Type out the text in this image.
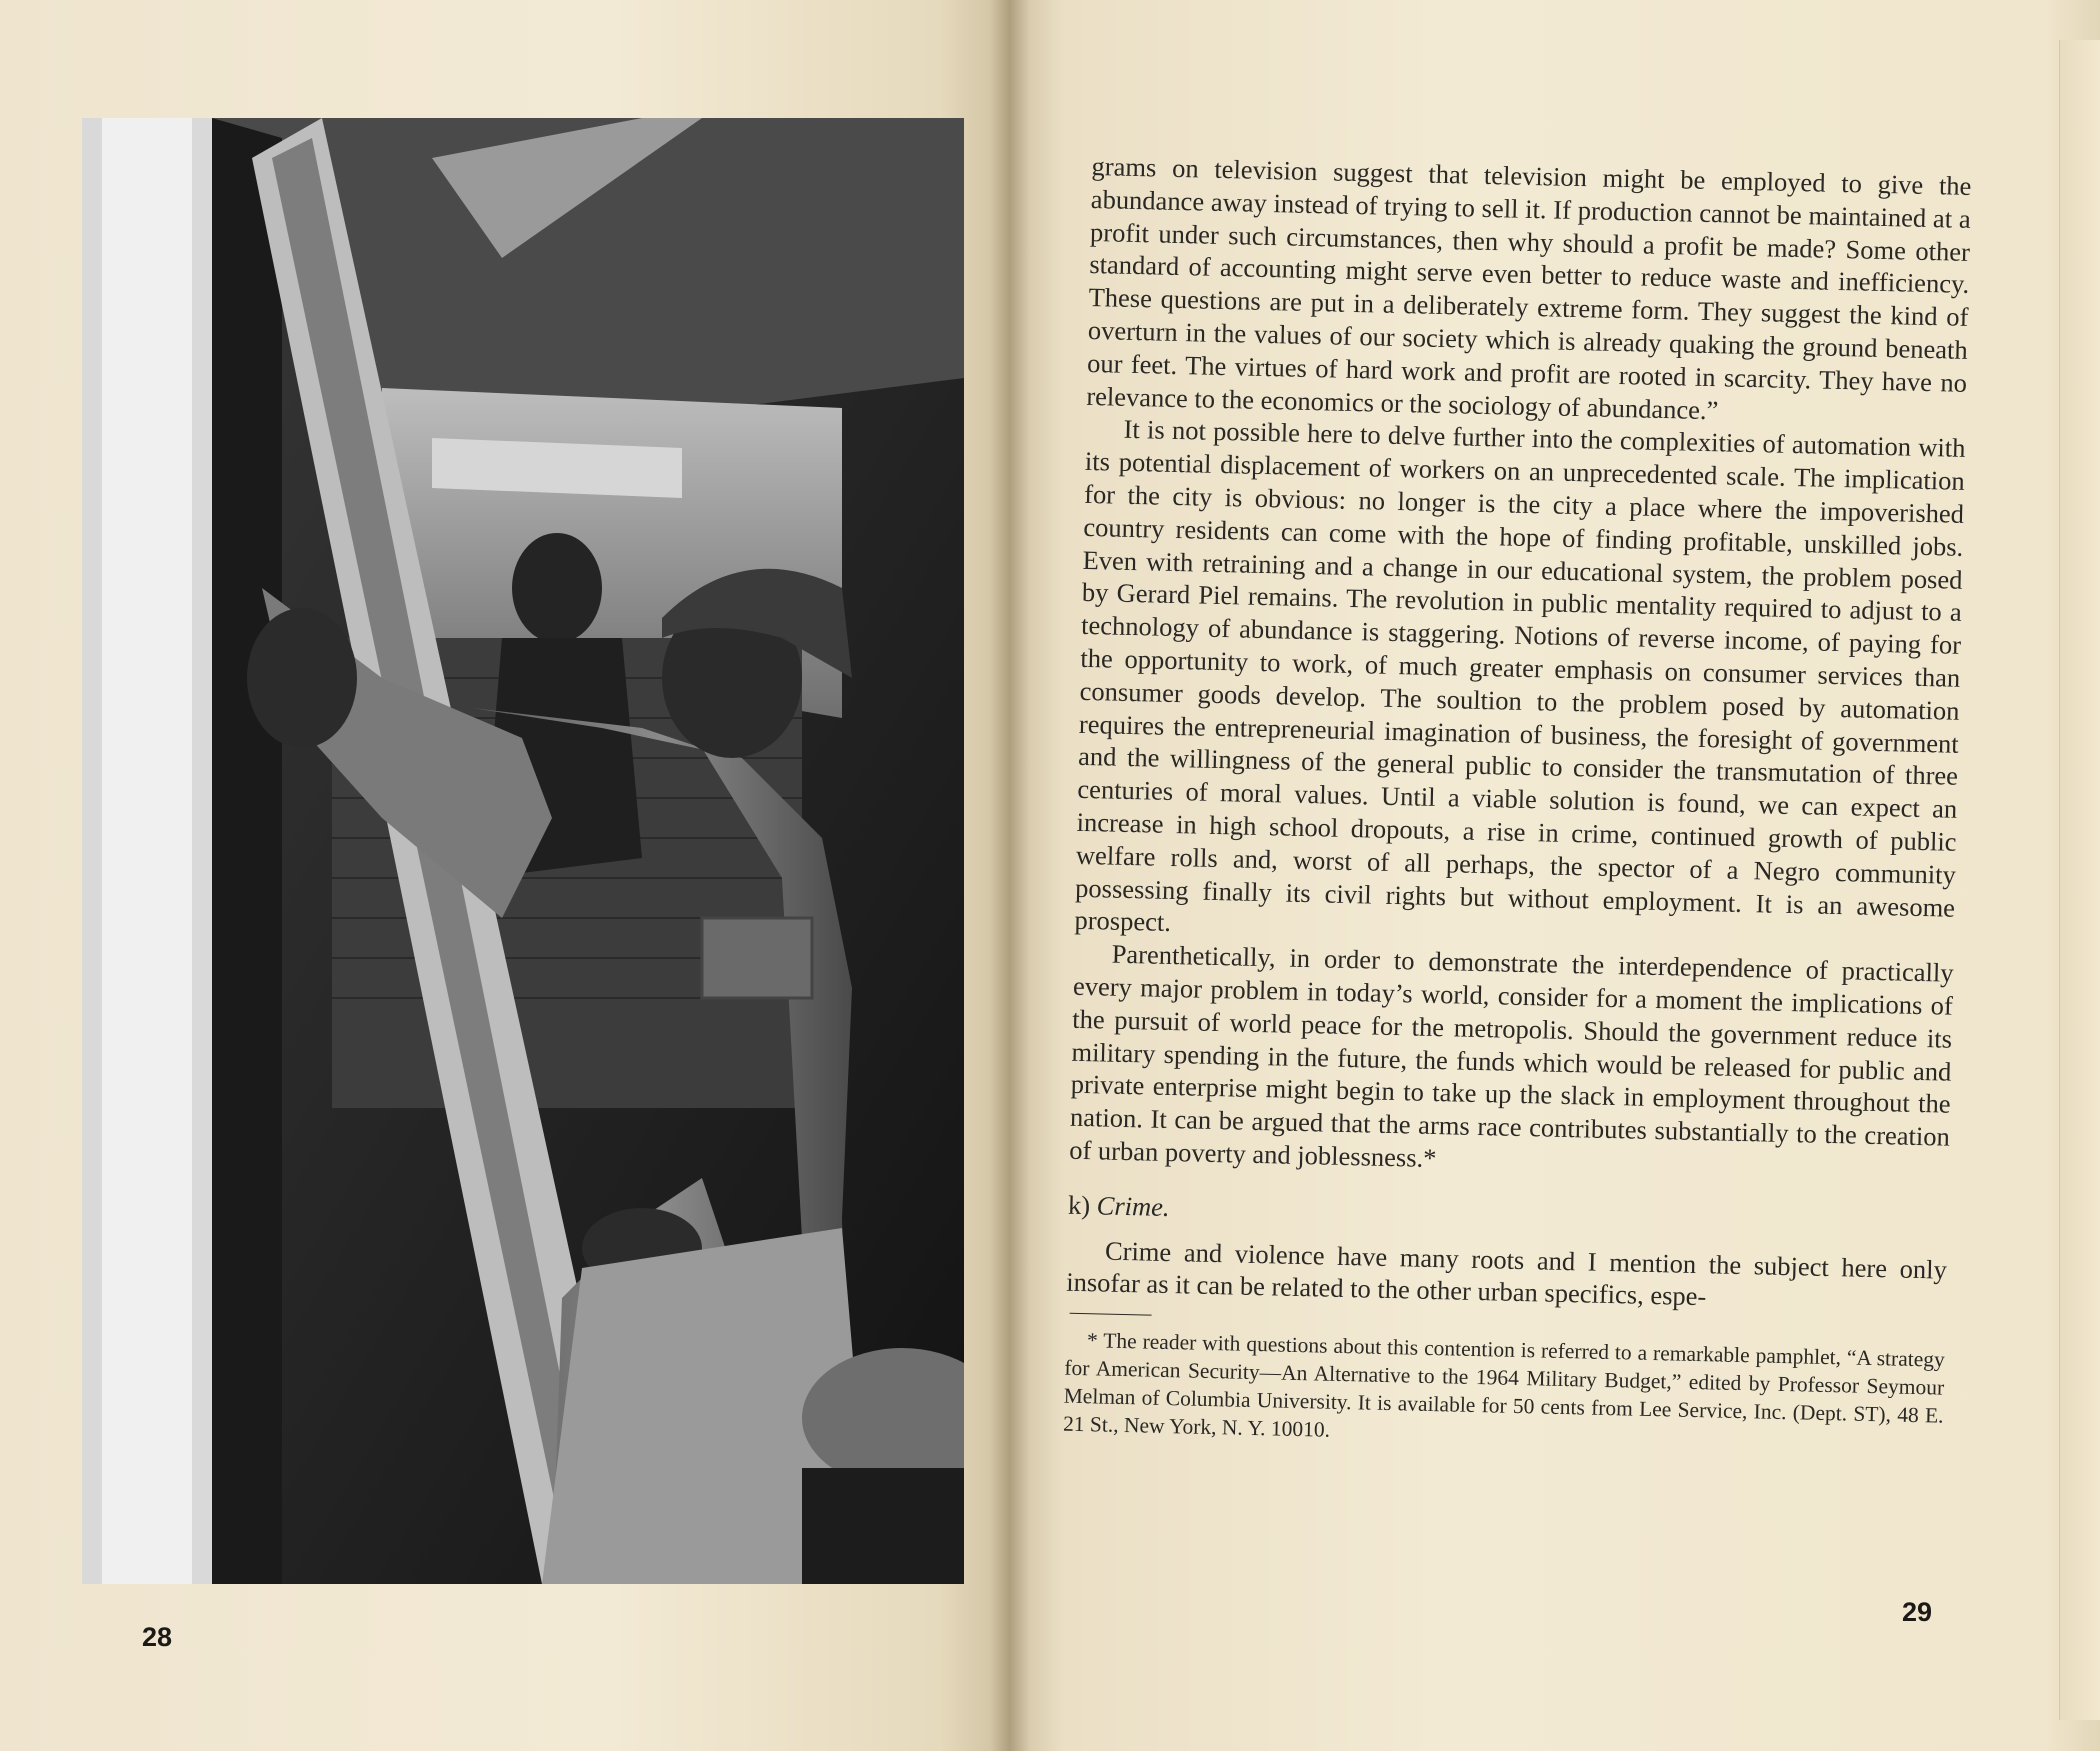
28

grams on television suggest that television might be employed to give the abundance away instead of trying to sell it. If production cannot be maintained at a profit under such circumstances, then why should a profit be made? Some other standard of accounting might serve even better to reduce waste and inefficiency. These questions are put in a deliberately extreme form. They suggest the kind of overturn in the values of our society which is already quaking the ground beneath our feet. The virtues of hard work and profit are rooted in scarcity. They have no relevance to the economics or the sociology of abundance.”

It is not possible here to delve further into the complexities of automation with its potential displacement of workers on an unprecedented scale. The implication for the city is obvious: no longer is the city a place where the impoverished country residents can come with the hope of finding profitable, unskilled jobs. Even with retraining and a change in our educational system, the problem posed by Gerard Piel remains. The revolution in public mentality required to adjust to a technology of abundance is staggering. Notions of reverse income, of paying for the opportunity to work, of much greater emphasis on consumer services than consumer goods develop. The soultion to the problem posed by automation requires the entrepreneurial imagination of business, the foresight of government and the willingness of the general public to consider the transmutation of three centuries of moral values. Until a viable solution is found, we can expect an increase in high school dropouts, a rise in crime, continued growth of public welfare rolls and, worst of all perhaps, the spector of a Negro community possessing finally its civil rights but without employment. It is an awesome prospect.

Parenthetically, in order to demonstrate the interdependence of practically every major problem in today’s world, consider for a moment the implications of the pursuit of world peace for the metropolis. Should the government reduce its military spending in the future, the funds which would be released for public and private enterprise might begin to take up the slack in employment throughout the nation. It can be argued that the arms race contributes substantially to the creation of urban poverty and joblessness.*

k) Crime.

Crime and violence have many roots and I mention the subject here only insofar as it can be related to the other urban specifics, espe-

* The reader with questions about this contention is referred to a remarkable pamphlet, “A strategy for American Security—An Alternative to the 1964 Military Budget,” edited by Professor Seymour Melman of Columbia University. It is available for 50 cents from Lee Service, Inc. (Dept. ST), 48 E. 21 St., New York, N. Y. 10010.

29
